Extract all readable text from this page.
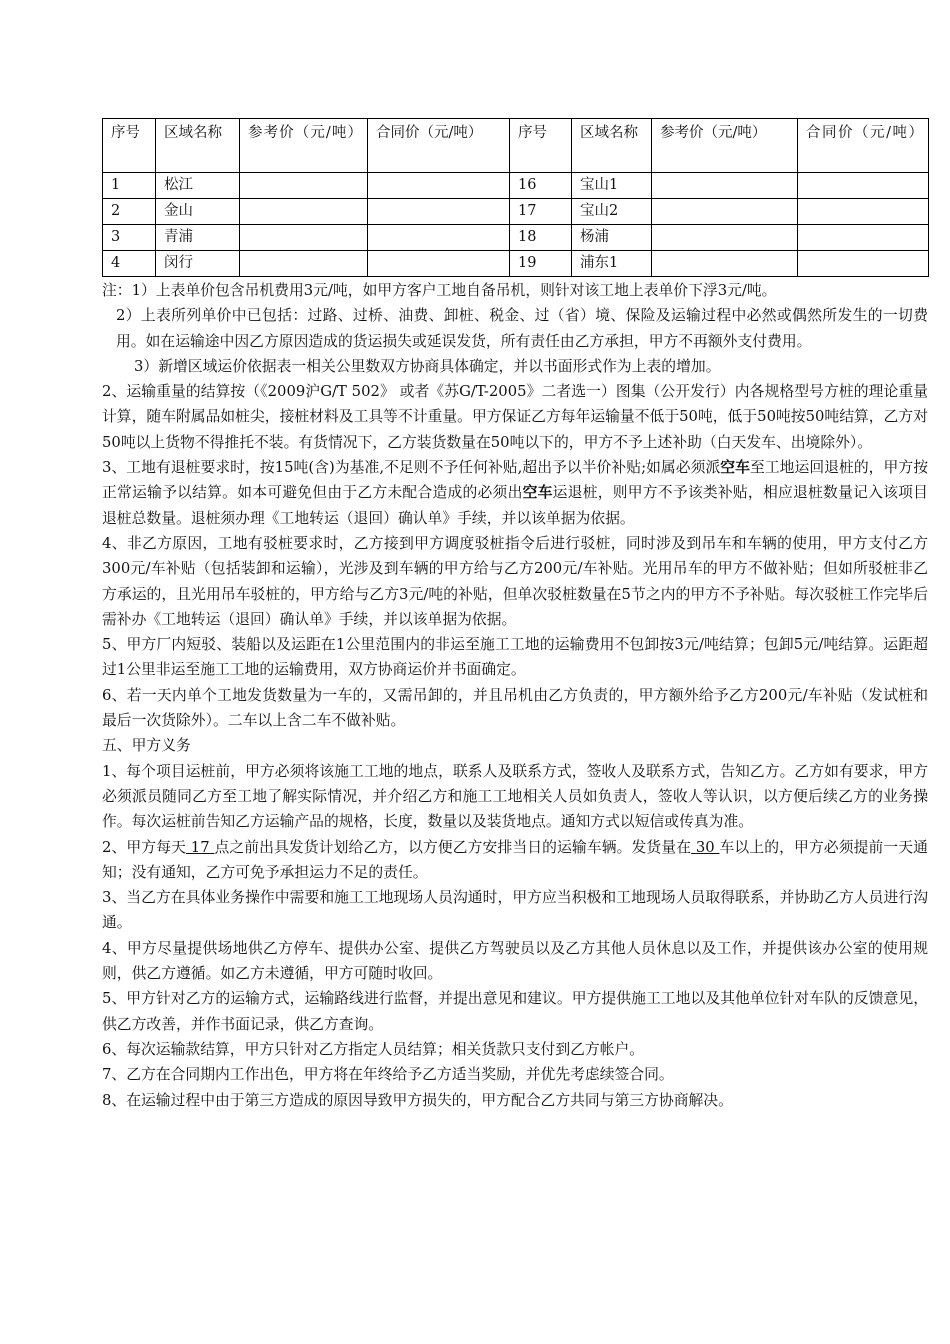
序号	区域名称	参考价（元/吨）	合同价（元/吨）	序号	区域名称	参考价（元/吨）	合同价（元/吨）
1	松江			16	宝山1		
2	金山			17	宝山2		
3	青浦			18	杨浦		
4	闵行			19	浦东1		

注：1）上表单价包含吊机费用3元/吨，如甲方客户工地自备吊机，则针对该工地上表单价下浮3元/吨。

2）上表所列单价中已包括：过路、过桥、油费、卸桩、税金、过（省）境、保险及运输过程中必然或偶然所发生的一切费用。如在运输途中因乙方原因造成的货运损失或延误发货，所有责任由乙方承担，甲方不再额外支付费用。

3）新增区域运价依据表一相关公里数双方协商具体确定，并以书面形式作为上表的增加。

2、运输重量的结算按（《2009沪G/T 502》 或者《苏G/T-2005》二者选一）图集（公开发行）内各规格型号方桩的理论重量计算，随车附属品如桩尖，接桩材料及工具等不计重量。甲方保证乙方每年运输量不低于50吨，低于50吨按50吨结算，乙方对50吨以上货物不得推托不装。有货情况下，乙方装货数量在50吨以下的，甲方不予上述补助（白天发车、出境除外）。

3、工地有退桩要求时，按15吨(含)为基准,不足则不予任何补贴,超出予以半价补贴;如属必须派空车至工地运回退桩的，甲方按正常运输予以结算。如本可避免但由于乙方未配合造成的必须出空车运退桩，则甲方不予该类补贴，相应退桩数量记入该项目退桩总数量。退桩须办理《工地转运（退回）确认单》手续，并以该单据为依据。

4、非乙方原因，工地有驳桩要求时，乙方接到甲方调度驳桩指令后进行驳桩，同时涉及到吊车和车辆的使用，甲方支付乙方300元/车补贴（包括装卸和运输），光涉及到车辆的甲方给与乙方200元/车补贴。光用吊车的甲方不做补贴；但如所驳桩非乙方承运的，且光用吊车驳桩的，甲方给与乙方3元/吨的补贴，但单次驳桩数量在5节之内的甲方不予补贴。每次驳桩工作完毕后需补办《工地转运（退回）确认单》手续，并以该单据为依据。

5、甲方厂内短驳、装船以及运距在1公里范围内的非运至施工工地的运输费用不包卸按3元/吨结算；包卸5元/吨结算。运距超过1公里非运至施工工地的运输费用，双方协商运价并书面确定。

6、若一天内单个工地发货数量为一车的，又需吊卸的，并且吊机由乙方负责的，甲方额外给予乙方200元/车补贴（发试桩和最后一次货除外）。二车以上含二车不做补贴。

五、甲方义务

1、每个项目运桩前，甲方必须将该施工工地的地点，联系人及联系方式，签收人及联系方式，告知乙方。乙方如有要求，甲方必须派员随同乙方至工地了解实际情况，并介绍乙方和施工工地相关人员如负责人，签收人等认识，以方便后续乙方的业务操作。每次运桩前告知乙方运输产品的规格，长度，数量以及装货地点。通知方式以短信或传真为准。

2、甲方每天 17 点之前出具发货计划给乙方，以方便乙方安排当日的运输车辆。发货量在 30 车以上的，甲方必须提前一天通知；没有通知，乙方可免予承担运力不足的责任。

3、当乙方在具体业务操作中需要和施工工地现场人员沟通时，甲方应当积极和工地现场人员取得联系，并协助乙方人员进行沟通。

4、甲方尽量提供场地供乙方停车、提供办公室、提供乙方驾驶员以及乙方其他人员休息以及工作，并提供该办公室的使用规则，供乙方遵循。如乙方未遵循，甲方可随时收回。

5、甲方针对乙方的运输方式，运输路线进行监督，并提出意见和建议。甲方提供施工工地以及其他单位针对车队的反馈意见，供乙方改善，并作书面记录，供乙方查询。

6、每次运输款结算，甲方只针对乙方指定人员结算；相关货款只支付到乙方帐户。

7、乙方在合同期内工作出色，甲方将在年终给予乙方适当奖励，并优先考虑续签合同。

8、在运输过程中由于第三方造成的原因导致甲方损失的，甲方配合乙方共同与第三方协商解决。
